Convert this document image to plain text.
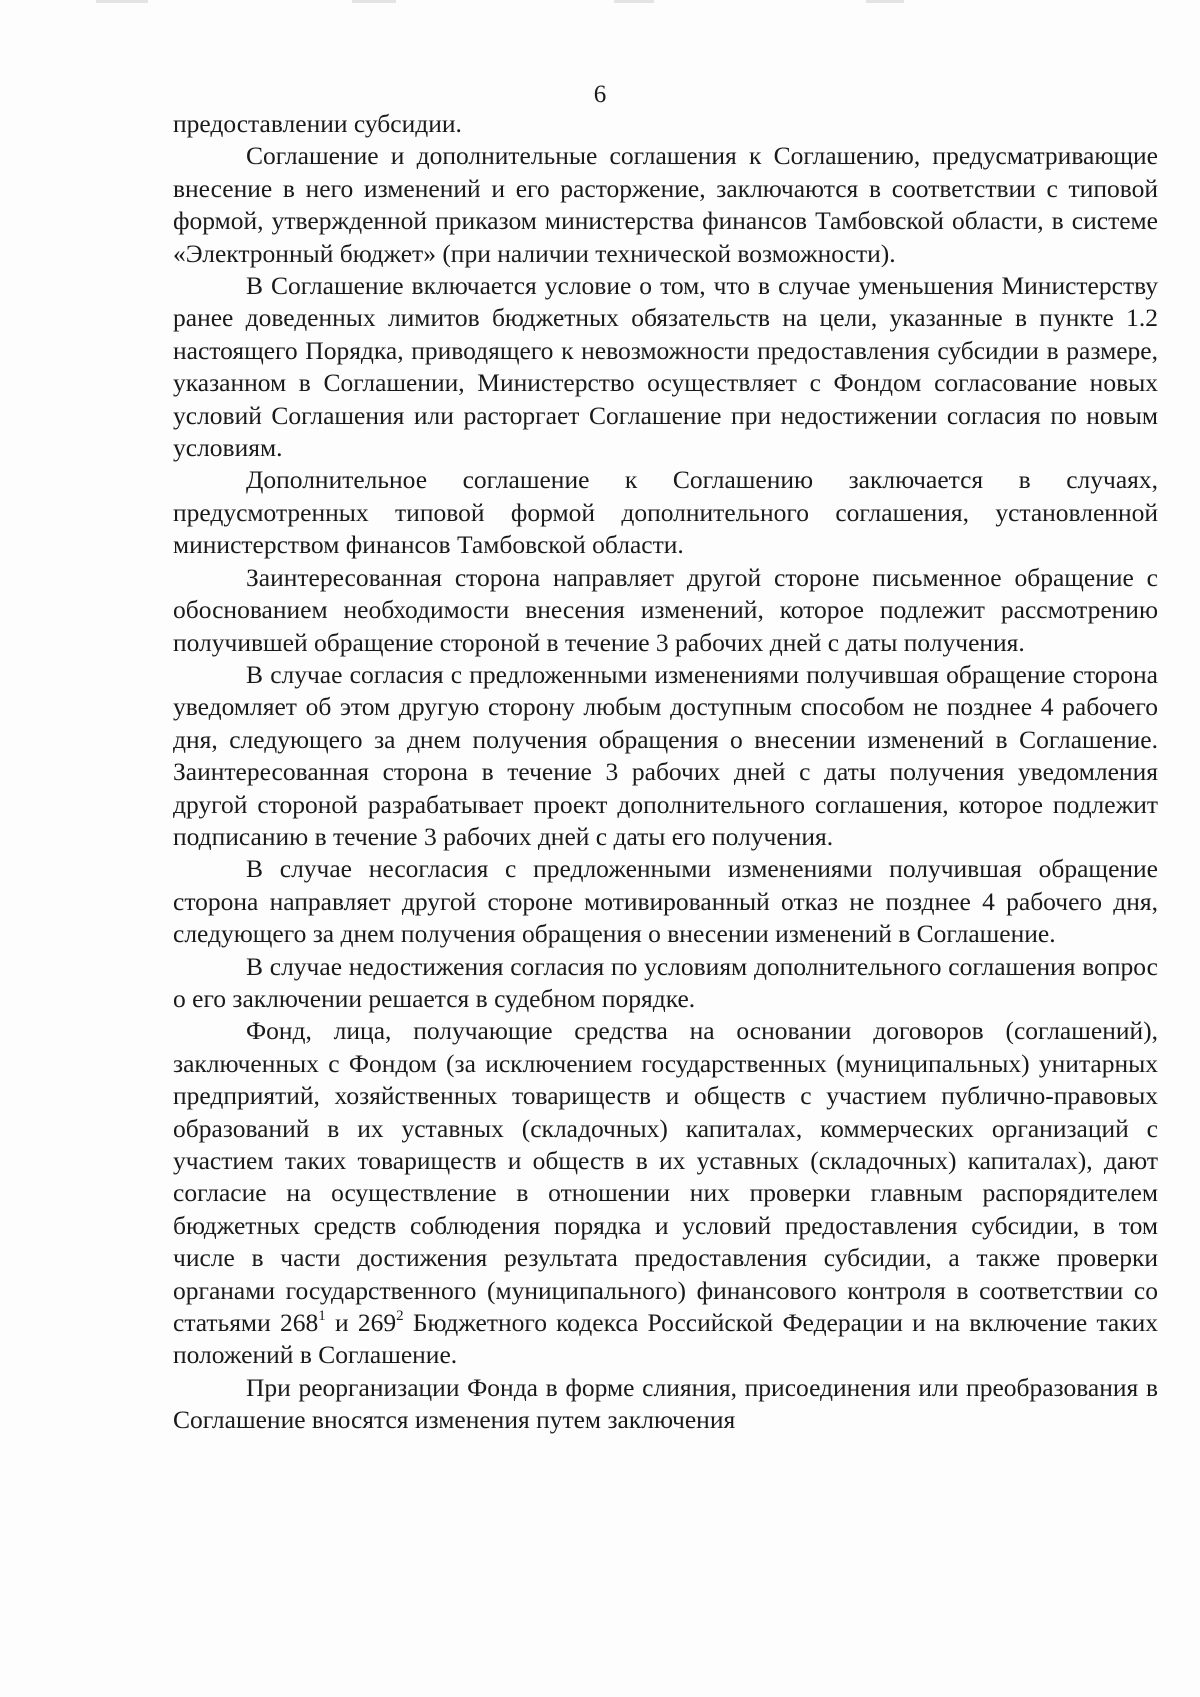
6

предоставлении субсидии.

Соглашение и дополнительные соглашения к Соглашению, предусматривающие внесение в него изменений и его расторжение, заключаются в соответствии с типовой формой, утвержденной приказом министерства финансов Тамбовской области, в системе «Электронный бюджет» (при наличии технической возможности).

В Соглашение включается условие о том, что в случае уменьшения Министерству ранее доведенных лимитов бюджетных обязательств на цели, указанные в пункте 1.2 настоящего Порядка, приводящего к невозможности предоставления субсидии в размере, указанном в Соглашении, Министерство осуществляет с Фондом согласование новых условий Соглашения или расторгает Соглашение при недостижении согласия по новым условиям.

Дополнительное соглашение к Соглашению заключается в случаях, предусмотренных типовой формой дополнительного соглашения, установленной министерством финансов Тамбовской области.

Заинтересованная сторона направляет другой стороне письменное обращение с обоснованием необходимости внесения изменений, которое подлежит рассмотрению получившей обращение стороной в течение 3 рабочих дней с даты получения.

В случае согласия с предложенными изменениями получившая обращение сторона уведомляет об этом другую сторону любым доступным способом не позднее 4 рабочего дня, следующего за днем получения обращения о внесении изменений в Соглашение. Заинтересованная сторона в течение 3 рабочих дней с даты получения уведомления другой стороной разрабатывает проект дополнительного соглашения, которое подлежит подписанию в течение 3 рабочих дней с даты его получения.

В случае несогласия с предложенными изменениями получившая обращение сторона направляет другой стороне мотивированный отказ не позднее 4 рабочего дня, следующего за днем получения обращения о внесении изменений в Соглашение.

В случае недостижения согласия по условиям дополнительного соглашения вопрос о его заключении решается в судебном порядке.

Фонд, лица, получающие средства на основании договоров (соглашений), заключенных с Фондом (за исключением государственных (муниципальных) унитарных предприятий, хозяйственных товариществ и обществ с участием публично-правовых образований в их уставных (складочных) капиталах, коммерческих организаций с участием таких товариществ и обществ в их уставных (складочных) капиталах), дают согласие на осуществление в отношении них проверки главным распорядителем бюджетных средств соблюдения порядка и условий предоставления субсидии, в том числе в части достижения результата предоставления субсидии, а также проверки органами государственного (муниципального) финансового контроля в соответствии со статьями $268^1$ и $269^2$ Бюджетного кодекса Российской Федерации и на включение таких положений в Соглашение.

При реорганизации Фонда в форме слияния, присоединения или преобразования в Соглашение вносятся изменения путем заключения
